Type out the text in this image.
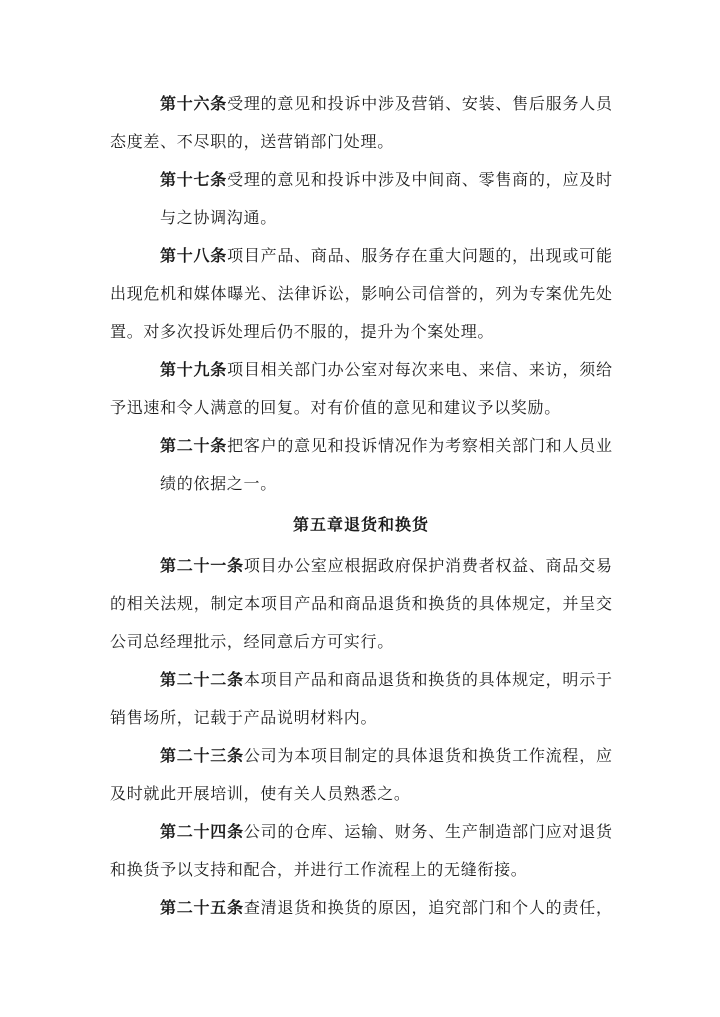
第十六条受理的意见和投诉中涉及营销、安装、售后服务人员
态度差、不尽职的，送营销部门处理。
第十七条受理的意见和投诉中涉及中间商、零售商的，应及时
与之协调沟通。
第十八条项目产品、商品、服务存在重大问题的，出现或可能
出现危机和媒体曝光、法律诉讼，影响公司信誉的，列为专案优先处
置。对多次投诉处理后仍不服的，提升为个案处理。
第十九条项目相关部门办公室对每次来电、来信、来访，须给
予迅速和令人满意的回复。对有价值的意见和建议予以奖励。
第二十条把客户的意见和投诉情况作为考察相关部门和人员业
绩的依据之一。
第五章退货和换货
第二十一条项目办公室应根据政府保护消费者权益、商品交易
的相关法规，制定本项目产品和商品退货和换货的具体规定，并呈交
公司总经理批示，经同意后方可实行。
第二十二条本项目产品和商品退货和换货的具体规定，明示于
销售场所，记载于产品说明材料内。
第二十三条公司为本项目制定的具体退货和换货工作流程，应
及时就此开展培训，使有关人员熟悉之。
第二十四条公司的仓库、运输、财务、生产制造部门应对退货
和换货予以支持和配合，并进行工作流程上的无缝衔接。
第二十五条查清退货和换货的原因，追究部门和个人的责任，
